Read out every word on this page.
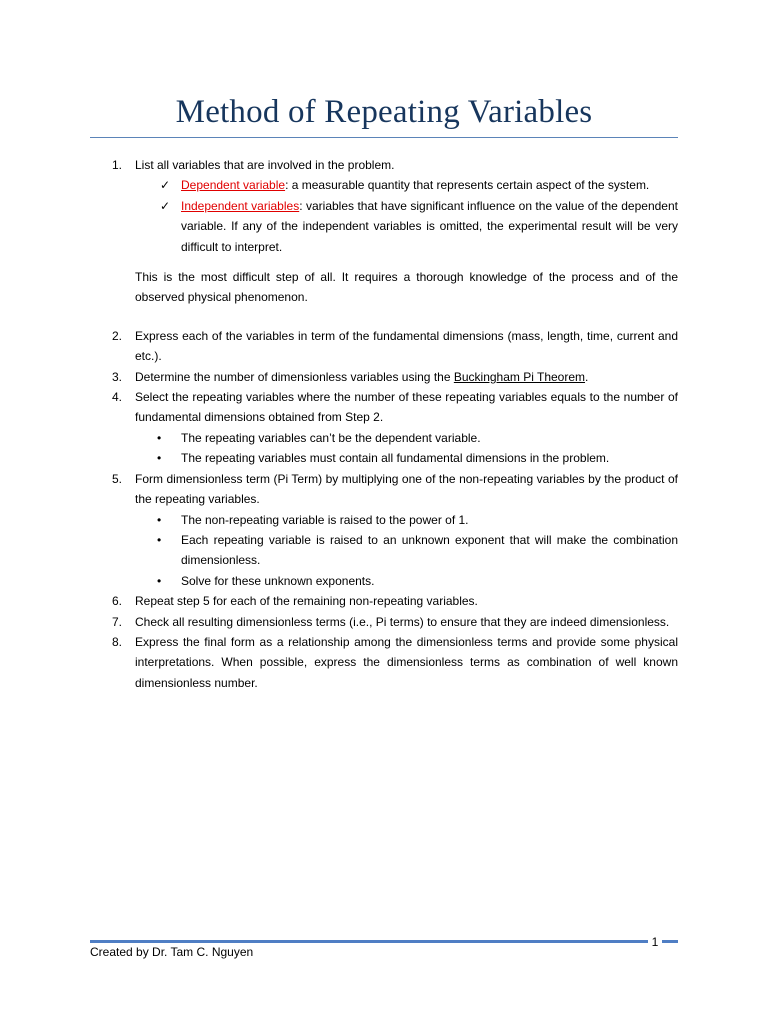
Method of Repeating Variables
1. List all variables that are involved in the problem.
✓ Dependent variable: a measurable quantity that represents certain aspect of the system.
✓ Independent variables: variables that have significant influence on the value of the dependent variable. If any of the independent variables is omitted, the experimental result will be very difficult to interpret.

This is the most difficult step of all. It requires a thorough knowledge of the process and of the observed physical phenomenon.

2. Express each of the variables in term of the fundamental dimensions (mass, length, time, current and etc.).
3. Determine the number of dimensionless variables using the Buckingham Pi Theorem.
4. Select the repeating variables where the number of these repeating variables equals to the number of fundamental dimensions obtained from Step 2.
• The repeating variables can’t be the dependent variable.
• The repeating variables must contain all fundamental dimensions in the problem.
5. Form dimensionless term (Pi Term) by multiplying one of the non-repeating variables by the product of the repeating variables.
• The non-repeating variable is raised to the power of 1.
• Each repeating variable is raised to an unknown exponent that will make the combination dimensionless.
• Solve for these unknown exponents.
6. Repeat step 5 for each of the remaining non-repeating variables.
7. Check all resulting dimensionless terms (i.e., Pi terms) to ensure that they are indeed dimensionless.
8. Express the final form as a relationship among the dimensionless terms and provide some physical interpretations. When possible, express the dimensionless terms as combination of well known dimensionless number.
1
Created by Dr. Tam C. Nguyen
